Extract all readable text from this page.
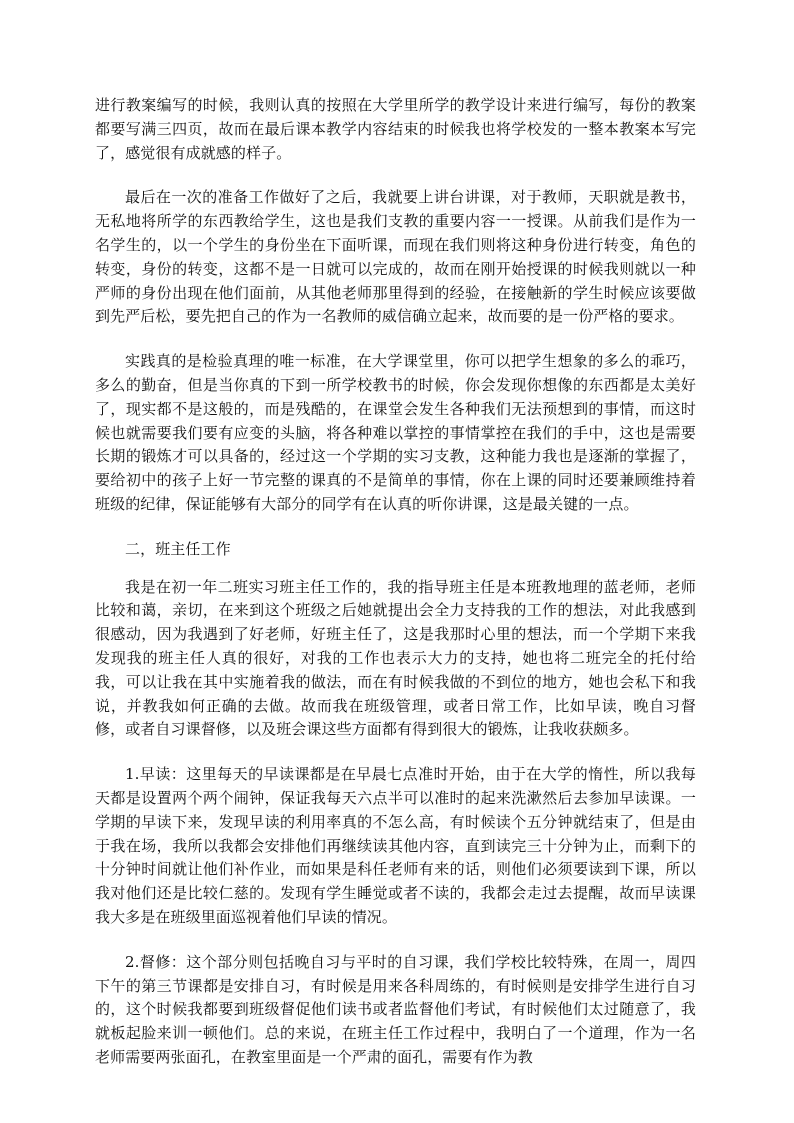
进行教案编写的时候，我则认真的按照在大学里所学的教学设计来进行编写，每份的教案都要写满三四页，故而在最后课本教学内容结束的时候我也将学校发的一整本教案本写完了，感觉很有成就感的样子。

最后在一次的准备工作做好了之后，我就要上讲台讲课，对于教师，天职就是教书，无私地将所学的东西教给学生，这也是我们支教的重要内容一一授课。从前我们是作为一名学生的，以一个学生的身份坐在下面听课，而现在我们则将这种身份进行转变，角色的转变，身份的转变，这都不是一日就可以完成的，故而在刚开始授课的时候我则就以一种严师的身份出现在他们面前，从其他老师那里得到的经验，在接触新的学生时候应该要做到先严后松，要先把自己的作为一名教师的威信确立起来，故而要的是一份严格的要求。

实践真的是检验真理的唯一标准，在大学课堂里，你可以把学生想象的多么的乖巧，多么的勤奋，但是当你真的下到一所学校教书的时候，你会发现你想像的东西都是太美好了，现实都不是这般的，而是残酷的，在课堂会发生各种我们无法预想到的事情，而这时候也就需要我们要有应变的头脑，将各种难以掌控的事情掌控在我们的手中，这也是需要长期的锻炼才可以具备的，经过这一个学期的实习支教，这种能力我也是逐渐的掌握了，要给初中的孩子上好一节完整的课真的不是简单的事情，你在上课的同时还要兼顾维持着班级的纪律，保证能够有大部分的同学有在认真的听你讲课，这是最关键的一点。

二，班主任工作

我是在初一年二班实习班主任工作的，我的指导班主任是本班教地理的蓝老师，老师比较和蔼，亲切，在来到这个班级之后她就提出会全力支持我的工作的想法，对此我感到很感动，因为我遇到了好老师，好班主任了，这是我那时心里的想法，而一个学期下来我发现我的班主任人真的很好，对我的工作也表示大力的支持，她也将二班完全的托付给我，可以让我在其中实施着我的做法，而在有时候我做的不到位的地方，她也会私下和我说，并教我如何正确的去做。故而我在班级管理，或者日常工作，比如早读，晚自习督修，或者自习课督修，以及班会课这些方面都有得到很大的锻炼，让我收获颇多。

1.早读：这里每天的早读课都是在早晨七点准时开始，由于在大学的惰性，所以我每天都是设置两个两个闹钟，保证我每天六点半可以准时的起来洗漱然后去参加早读课。一学期的早读下来，发现早读的利用率真的不怎么高，有时候读个五分钟就结束了，但是由于我在场，我所以我都会安排他们再继续读其他内容，直到读完三十分钟为止，而剩下的十分钟时间就让他们补作业，而如果是科任老师有来的话，则他们必须要读到下课，所以我对他们还是比较仁慈的。发现有学生睡觉或者不读的，我都会走过去提醒，故而早读课我大多是在班级里面巡视着他们早读的情况。

2.督修：这个部分则包括晚自习与平时的自习课，我们学校比较特殊，在周一，周四下午的第三节课都是安排自习，有时候是用来各科周练的，有时候则是安排学生进行自习的，这个时候我都要到班级督促他们读书或者监督他们考试，有时候他们太过随意了，我就板起脸来训一顿他们。总的来说，在班主任工作过程中，我明白了一个道理，作为一名老师需要两张面孔，在教室里面是一个严肃的面孔，需要有作为教
